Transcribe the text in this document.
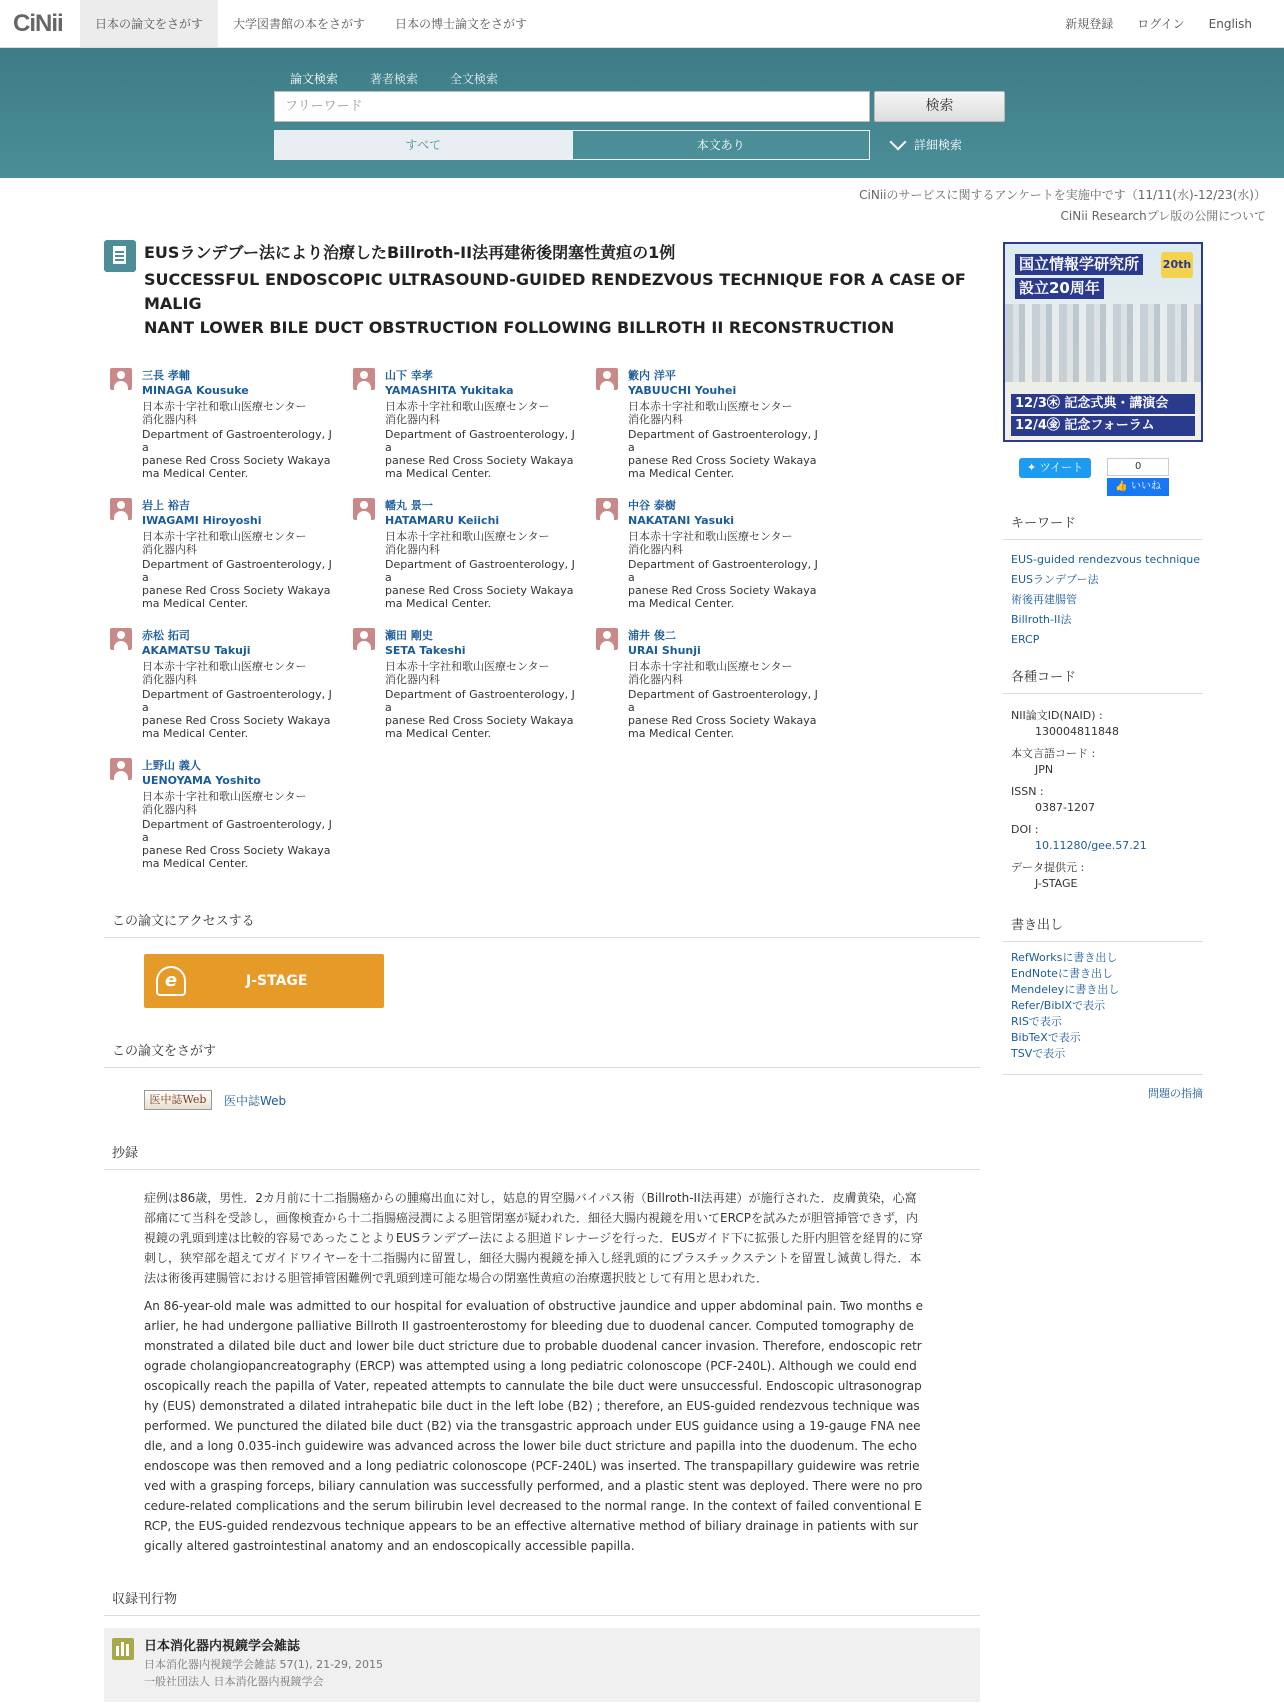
CiNii	日本の論文をさがす	大学図書館の本をさがす	日本の博士論文をさがす	新規登録	ログイン	English
論文検索	著者検索	全文検索
フリーワード	検索
すべて	本文あり	詳細検索
CiNiiのサービスに関するアンケートを実施中です（11/11(水)-12/23(水)）
CiNii Researchプレ版の公開について
EUSランデブー法により治療したBillroth-II法再建術後閉塞性黄疸の1例
SUCCESSFUL ENDOSCOPIC ULTRASOUND-GUIDED RENDEZVOUS TECHNIQUE FOR A CASE OF MALIG
NANT LOWER BILE DUCT OBSTRUCTION FOLLOWING BILLROTH II RECONSTRUCTION
三長 孝輔
MINAGA Kousuke
日本赤十字社和歌山医療センター
消化器内科
Department of Gastroenterology, Ja
panese Red Cross Society Wakaya
ma Medical Center.
山下 幸孝
YAMASHITA Yukitaka
日本赤十字社和歌山医療センター
消化器内科
Department of Gastroenterology, Ja
panese Red Cross Society Wakaya
ma Medical Center.
籔内 洋平
YABUUCHI Youhei
日本赤十字社和歌山医療センター
消化器内科
Department of Gastroenterology, Ja
panese Red Cross Society Wakaya
ma Medical Center.
岩上 裕吉
IWAGAMI Hiroyoshi
日本赤十字社和歌山医療センター
消化器内科
Department of Gastroenterology, Ja
panese Red Cross Society Wakaya
ma Medical Center.
幡丸 景一
HATAMARU Keiichi
日本赤十字社和歌山医療センター
消化器内科
Department of Gastroenterology, Ja
panese Red Cross Society Wakaya
ma Medical Center.
中谷 泰樹
NAKATANI Yasuki
日本赤十字社和歌山医療センター
消化器内科
Department of Gastroenterology, Ja
panese Red Cross Society Wakaya
ma Medical Center.
赤松 拓司
AKAMATSU Takuji
日本赤十字社和歌山医療センター
消化器内科
Department of Gastroenterology, Ja
panese Red Cross Society Wakaya
ma Medical Center.
瀬田 剛史
SETA Takeshi
日本赤十字社和歌山医療センター
消化器内科
Department of Gastroenterology, Ja
panese Red Cross Society Wakaya
ma Medical Center.
浦井 俊二
URAI Shunji
日本赤十字社和歌山医療センター
消化器内科
Department of Gastroenterology, Ja
panese Red Cross Society Wakaya
ma Medical Center.
上野山 義人
UENOYAMA Yoshito
日本赤十字社和歌山医療センター
消化器内科
Department of Gastroenterology, Ja
panese Red Cross Society Wakaya
ma Medical Center.
この論文にアクセスする
e	J-STAGE
この論文をさがす
医中誌Web	医中誌Web
抄録

症例は86歳，男性．2カ月前に十二指腸癌からの腫瘍出血に対し，姑息的胃空腸バイパス術（Billroth-II法再建）が施行された．皮膚黄染，心窩部痛にて当科を受診し，画像検査から十二指腸癌浸潤による胆管閉塞が疑われた．細径大腸内視鏡を用いてERCPを試みたが胆管挿管できず，内視鏡の乳頭到達は比較的容易であったことよりEUSランデブー法による胆道ドレナージを行った．EUSガイド下に拡張した肝内胆管を経胃的に穿刺し，狭窄部を超えてガイドワイヤーを十二指腸内に留置し，細径大腸内視鏡を挿入し経乳頭的にプラスチックステントを留置し減黄し得た．本法は術後再建腸管における胆管挿管困難例で乳頭到達可能な場合の閉塞性黄疸の治療選択肢として有用と思われた．

An 86-year-old male was admitted to our hospital for evaluation of obstructive jaundice and upper abdominal pain. Two months earlier, he had undergone palliative Billroth II gastroenterostomy for bleeding due to duodenal cancer. Computed tomography demonstrated a dilated bile duct and lower bile duct stricture due to probable duodenal cancer invasion. Therefore, endoscopic retrograde cholangiopancreatography (ERCP) was attempted using a long pediatric colonoscope (PCF-240L). Although we could endoscopically reach the papilla of Vater, repeated attempts to cannulate the bile duct were unsuccessful. Endoscopic ultrasonography (EUS) demonstrated a dilated intrahepatic bile duct in the left lobe (B2) ; therefore, an EUS-guided rendezvous technique was performed. We punctured the dilated bile duct (B2) via the transgastric approach under EUS guidance using a 19-gauge FNA needle, and a long 0.035-inch guidewire was advanced across the lower bile duct stricture and papilla into the duodenum. The echoendoscope was then removed and a long pediatric colonoscope (PCF-240L) was inserted. The transpapillary guidewire was retrieved with a grasping forceps, biliary cannulation was successfully performed, and a plastic stent was deployed. There were no procedure-related complications and the serum bilirubin level decreased to the normal range. In the context of failed conventional ERCP, the EUS-guided rendezvous technique appears to be an effective alternative method of biliary drainage in patients with surgically altered gastrointestinal anatomy and an endoscopically accessible papilla.

収録刊行物
日本消化器内視鏡学会雑誌
日本消化器内視鏡学会雑誌 57(1), 21-29, 2015
一般社団法人 日本消化器内視鏡学会
国立情報学研究所
設立20周年
20th
12/3㊍ 記念式典・講演会
12/4㊎ 記念フォーラム
✦ ツイート	0
👍 いいね
キーワード
EUS-guided rendezvous technique
EUSランデブー法
術後再建腸管
Billroth-II法
ERCP
各種コード
NII論文ID(NAID) :
130004811848
本文言語コード :
JPN
ISSN :
0387-1207
DOI :
10.11280/gee.57.21
データ提供元 :
J-STAGE
書き出し
RefWorksに書き出し
EndNoteに書き出し
Mendeleyに書き出し
Refer/BibIXで表示
RISで表示
BibTeXで表示
TSVで表示
問題の指摘
